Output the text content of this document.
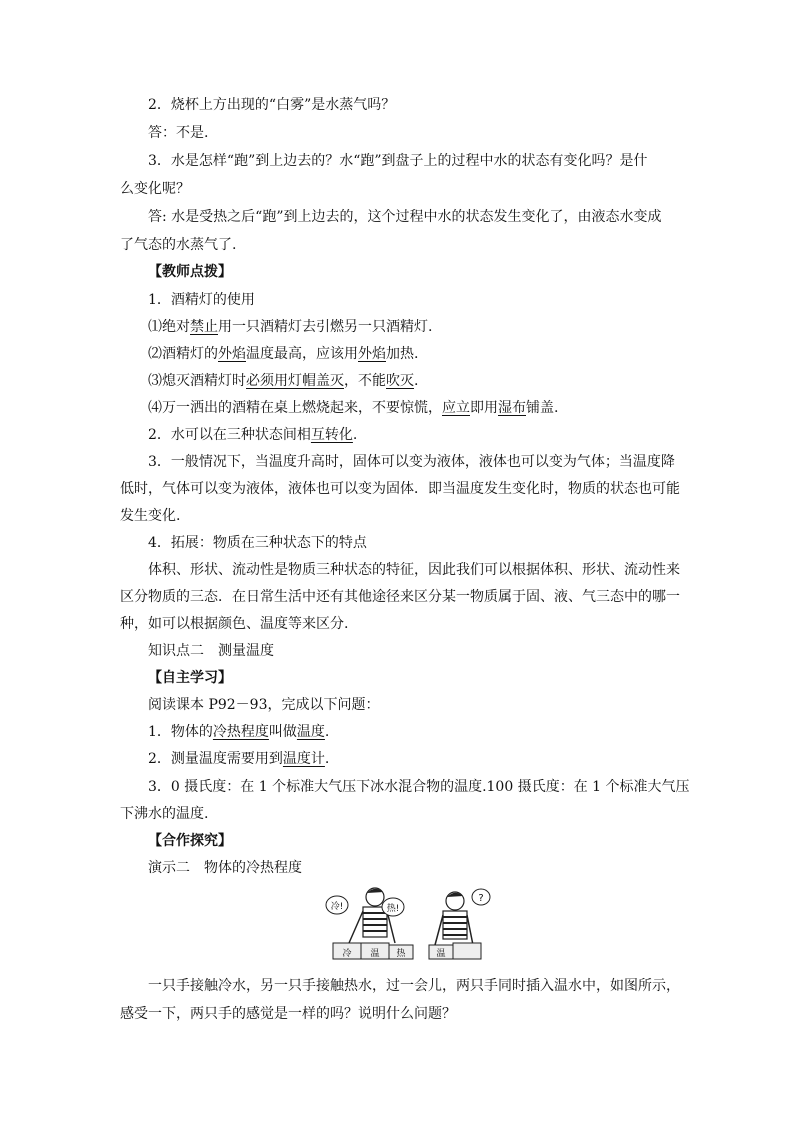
2．烧杯上方出现的“白雾”是水蒸气吗？
答：不是.
3．水是怎样“跑”到上边去的？水“跑”到盘子上的过程中水的状态有变化吗？是什
么变化呢？
答: 水是受热之后“跑”到上边去的，这个过程中水的状态发生变化了，由液态水变成
了气态的水蒸气了.
【教师点拨】
1．酒精灯的使用
⑴绝对禁止用一只酒精灯去引燃另一只酒精灯.
⑵酒精灯的外焰温度最高，应该用外焰加热.
⑶熄灭酒精灯时必须用灯帽盖灭，不能吹灭.
⑷万一洒出的酒精在桌上燃烧起来，不要惊慌，应立即用湿布铺盖.
2．水可以在三种状态间相互转化.
3．一般情况下，当温度升高时，固体可以变为液体，液体也可以变为气体；当温度降
低时，气体可以变为液体，液体也可以变为固体．即当温度发生变化时，物质的状态也可能
发生变化.
4．拓展：物质在三种状态下的特点
体积、形状、流动性是物质三种状态的特征，因此我们可以根据体积、形状、流动性来
区分物质的三态．在日常生活中还有其他途径来区分某一物质属于固、液、气三态中的哪一
种，如可以根据颜色、温度等来区分.
知识点二　测量温度
【自主学习】
阅读课本 P92－93，完成以下问题：
1．物体的冷热程度叫做温度.
2．测量温度需要用到温度计.
3．0 摄氏度：在 1 个标准大气压下冰水混合物的温度.100 摄氏度：在 1 个标准大气压
下沸水的温度.
【合作探究】
演示二　物体的冷热程度
冷!	热!
?
冷 温 热	温
一只手接触冷水，另一只手接触热水，过一会儿，两只手同时插入温水中，如图所示，
感受一下，两只手的感觉是一样的吗？说明什么问题？
